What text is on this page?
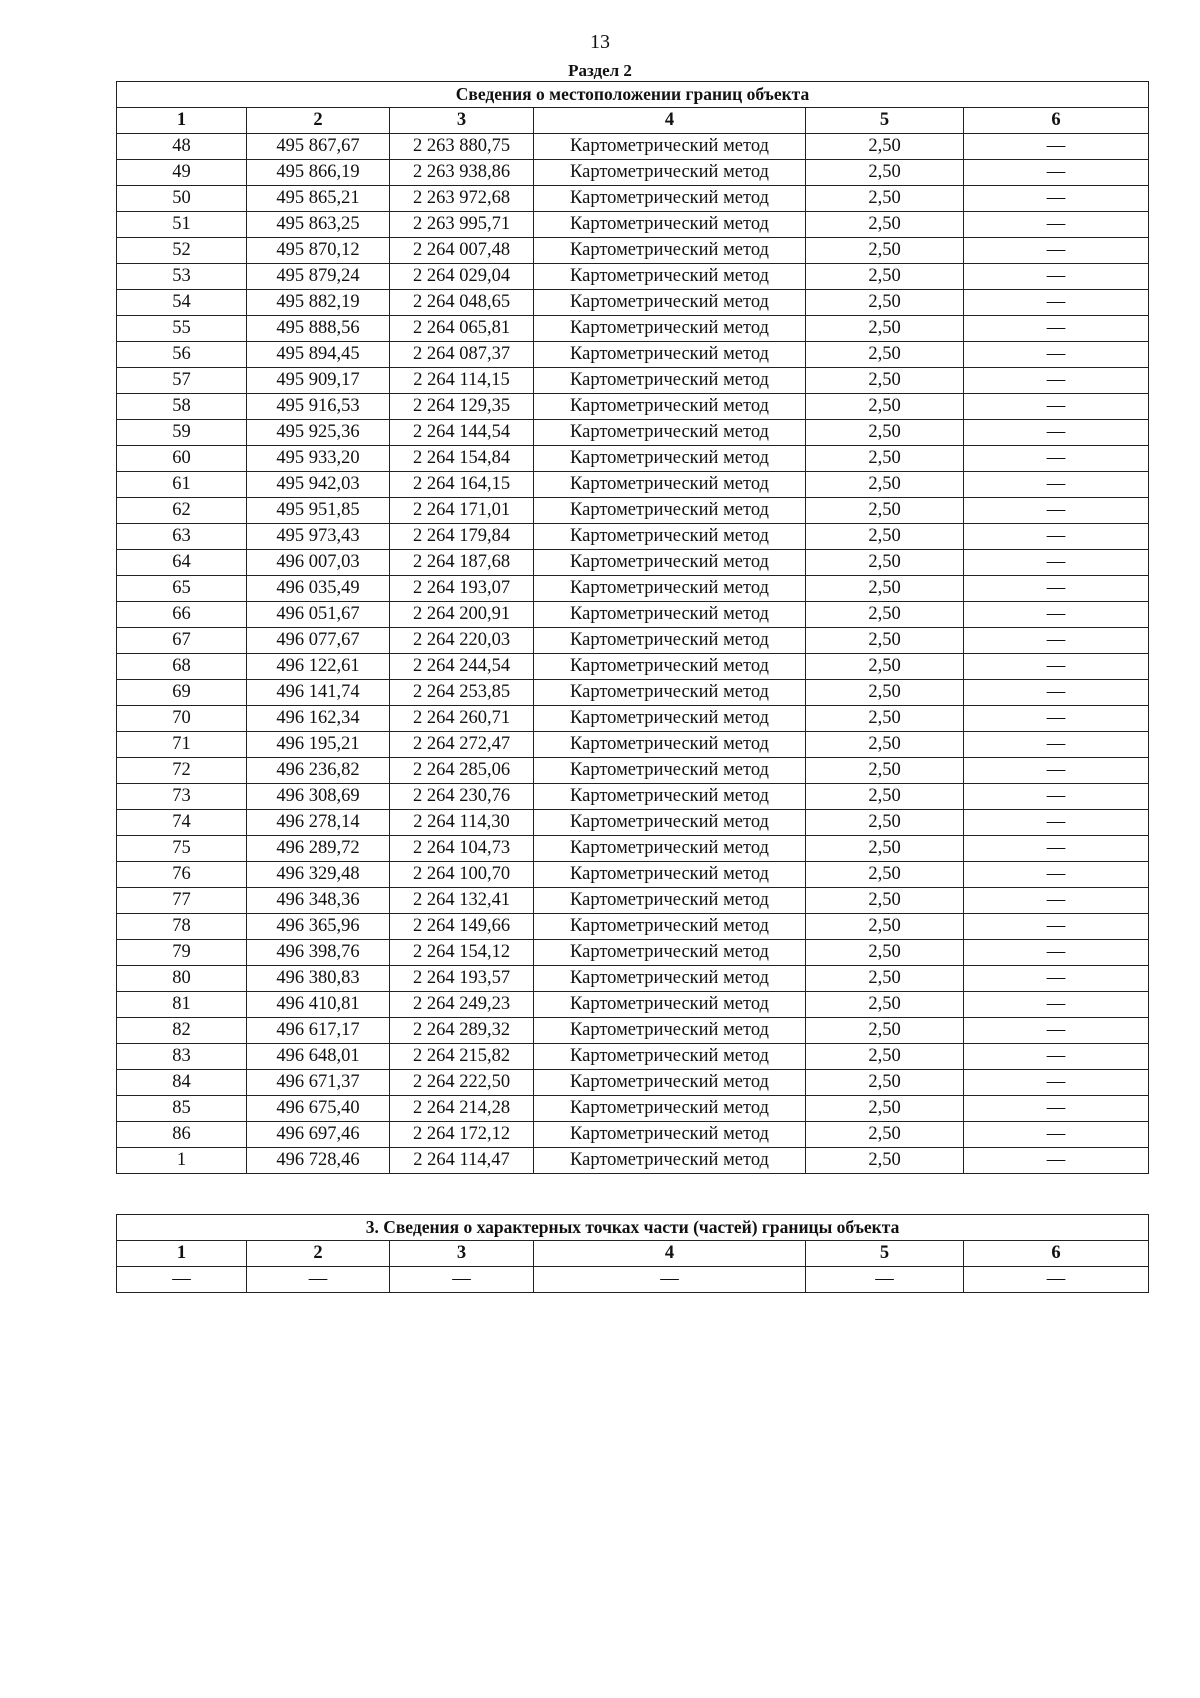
13
Раздел 2
Сведения о местоположении границ объекта					
1	2	3	4	5	6
48	495 867,67	2 263 880,75	Картометрический метод	2,50	—
49	495 866,19	2 263 938,86	Картометрический метод	2,50	—
50	495 865,21	2 263 972,68	Картометрический метод	2,50	—
51	495 863,25	2 263 995,71	Картометрический метод	2,50	—
52	495 870,12	2 264 007,48	Картометрический метод	2,50	—
53	495 879,24	2 264 029,04	Картометрический метод	2,50	—
54	495 882,19	2 264 048,65	Картометрический метод	2,50	—
55	495 888,56	2 264 065,81	Картометрический метод	2,50	—
56	495 894,45	2 264 087,37	Картометрический метод	2,50	—
57	495 909,17	2 264 114,15	Картометрический метод	2,50	—
58	495 916,53	2 264 129,35	Картометрический метод	2,50	—
59	495 925,36	2 264 144,54	Картометрический метод	2,50	—
60	495 933,20	2 264 154,84	Картометрический метод	2,50	—
61	495 942,03	2 264 164,15	Картометрический метод	2,50	—
62	495 951,85	2 264 171,01	Картометрический метод	2,50	—
63	495 973,43	2 264 179,84	Картометрический метод	2,50	—
64	496 007,03	2 264 187,68	Картометрический метод	2,50	—
65	496 035,49	2 264 193,07	Картометрический метод	2,50	—
66	496 051,67	2 264 200,91	Картометрический метод	2,50	—
67	496 077,67	2 264 220,03	Картометрический метод	2,50	—
68	496 122,61	2 264 244,54	Картометрический метод	2,50	—
69	496 141,74	2 264 253,85	Картометрический метод	2,50	—
70	496 162,34	2 264 260,71	Картометрический метод	2,50	—
71	496 195,21	2 264 272,47	Картометрический метод	2,50	—
72	496 236,82	2 264 285,06	Картометрический метод	2,50	—
73	496 308,69	2 264 230,76	Картометрический метод	2,50	—
74	496 278,14	2 264 114,30	Картометрический метод	2,50	—
75	496 289,72	2 264 104,73	Картометрический метод	2,50	—
76	496 329,48	2 264 100,70	Картометрический метод	2,50	—
77	496 348,36	2 264 132,41	Картометрический метод	2,50	—
78	496 365,96	2 264 149,66	Картометрический метод	2,50	—
79	496 398,76	2 264 154,12	Картометрический метод	2,50	—
80	496 380,83	2 264 193,57	Картометрический метод	2,50	—
81	496 410,81	2 264 249,23	Картометрический метод	2,50	—
82	496 617,17	2 264 289,32	Картометрический метод	2,50	—
83	496 648,01	2 264 215,82	Картометрический метод	2,50	—
84	496 671,37	2 264 222,50	Картометрический метод	2,50	—
85	496 675,40	2 264 214,28	Картометрический метод	2,50	—
86	496 697,46	2 264 172,12	Картометрический метод	2,50	—
1	496 728,46	2 264 114,47	Картометрический метод	2,50	—
3. Сведения о характерных точках части (частей) границы объекта					
1	2	3	4	5	6
—	—	—	—	—	—
